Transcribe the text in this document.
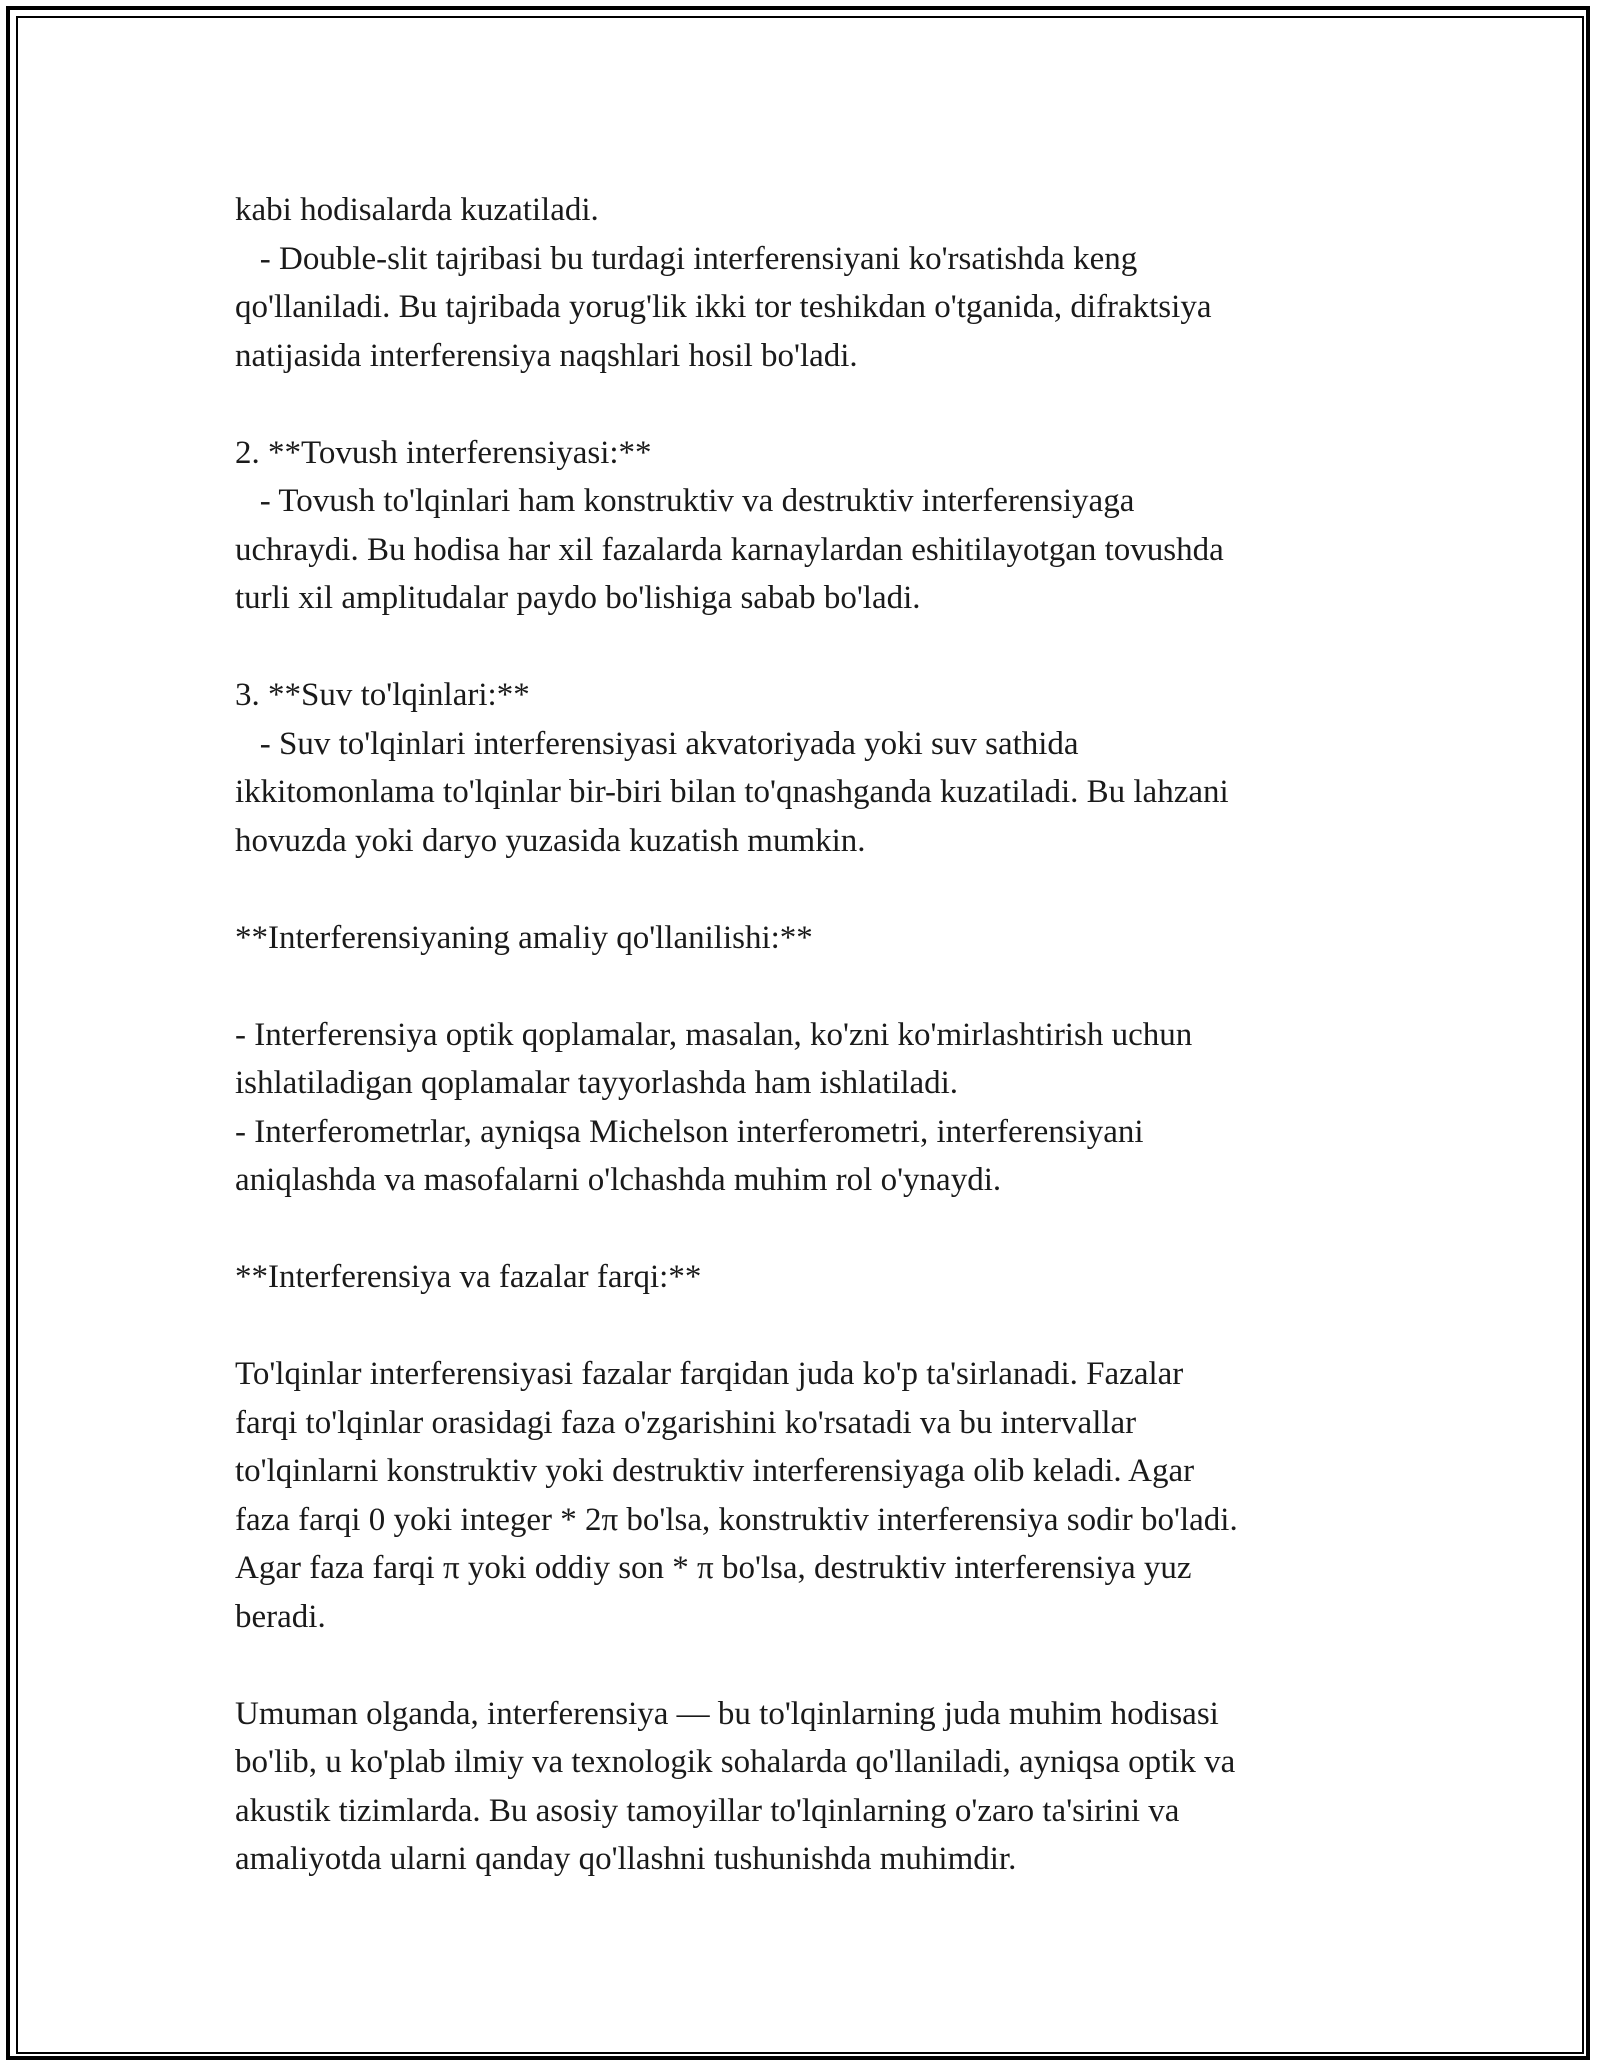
kabi hodisalarda kuzatiladi.
- Double-slit tajribasi bu turdagi interferensiyani ko'rsatishda keng
qo'llaniladi. Bu tajribada yorug'lik ikki tor teshikdan o'tganida, difraktsiya
natijasida interferensiya naqshlari hosil bo'ladi.
2. **Tovush interferensiyasi:**
- Tovush to'lqinlari ham konstruktiv va destruktiv interferensiyaga
uchraydi. Bu hodisa har xil fazalarda karnaylardan eshitilayotgan tovushda
turli xil amplitudalar paydo bo'lishiga sabab bo'ladi.
3. **Suv to'lqinlari:**
- Suv to'lqinlari interferensiyasi akvatoriyada yoki suv sathida
ikkitomonlama to'lqinlar bir-biri bilan to'qnashganda kuzatiladi. Bu lahzani
hovuzda yoki daryo yuzasida kuzatish mumkin.
**Interferensiyaning amaliy qo'llanilishi:**
- Interferensiya optik qoplamalar, masalan, ko'zni ko'mirlashtirish uchun
ishlatiladigan qoplamalar tayyorlashda ham ishlatiladi.
- Interferometrlar, ayniqsa Michelson interferometri, interferensiyani
aniqlashda va masofalarni o'lchashda muhim rol o'ynaydi.
**Interferensiya va fazalar farqi:**
To'lqinlar interferensiyasi fazalar farqidan juda ko'p ta'sirlanadi. Fazalar
farqi to'lqinlar orasidagi faza o'zgarishini ko'rsatadi va bu intervallar
to'lqinlarni konstruktiv yoki destruktiv interferensiyaga olib keladi. Agar
faza farqi 0 yoki integer * 2π bo'lsa, konstruktiv interferensiya sodir bo'ladi.
Agar faza farqi π yoki oddiy son * π bo'lsa, destruktiv interferensiya yuz
beradi.
Umuman olganda, interferensiya — bu to'lqinlarning juda muhim hodisasi
bo'lib, u ko'plab ilmiy va texnologik sohalarda qo'llaniladi, ayniqsa optik va
akustik tizimlarda. Bu asosiy tamoyillar to'lqinlarning o'zaro ta'sirini va
amaliyotda ularni qanday qo'llashni tushunishda muhimdir.
